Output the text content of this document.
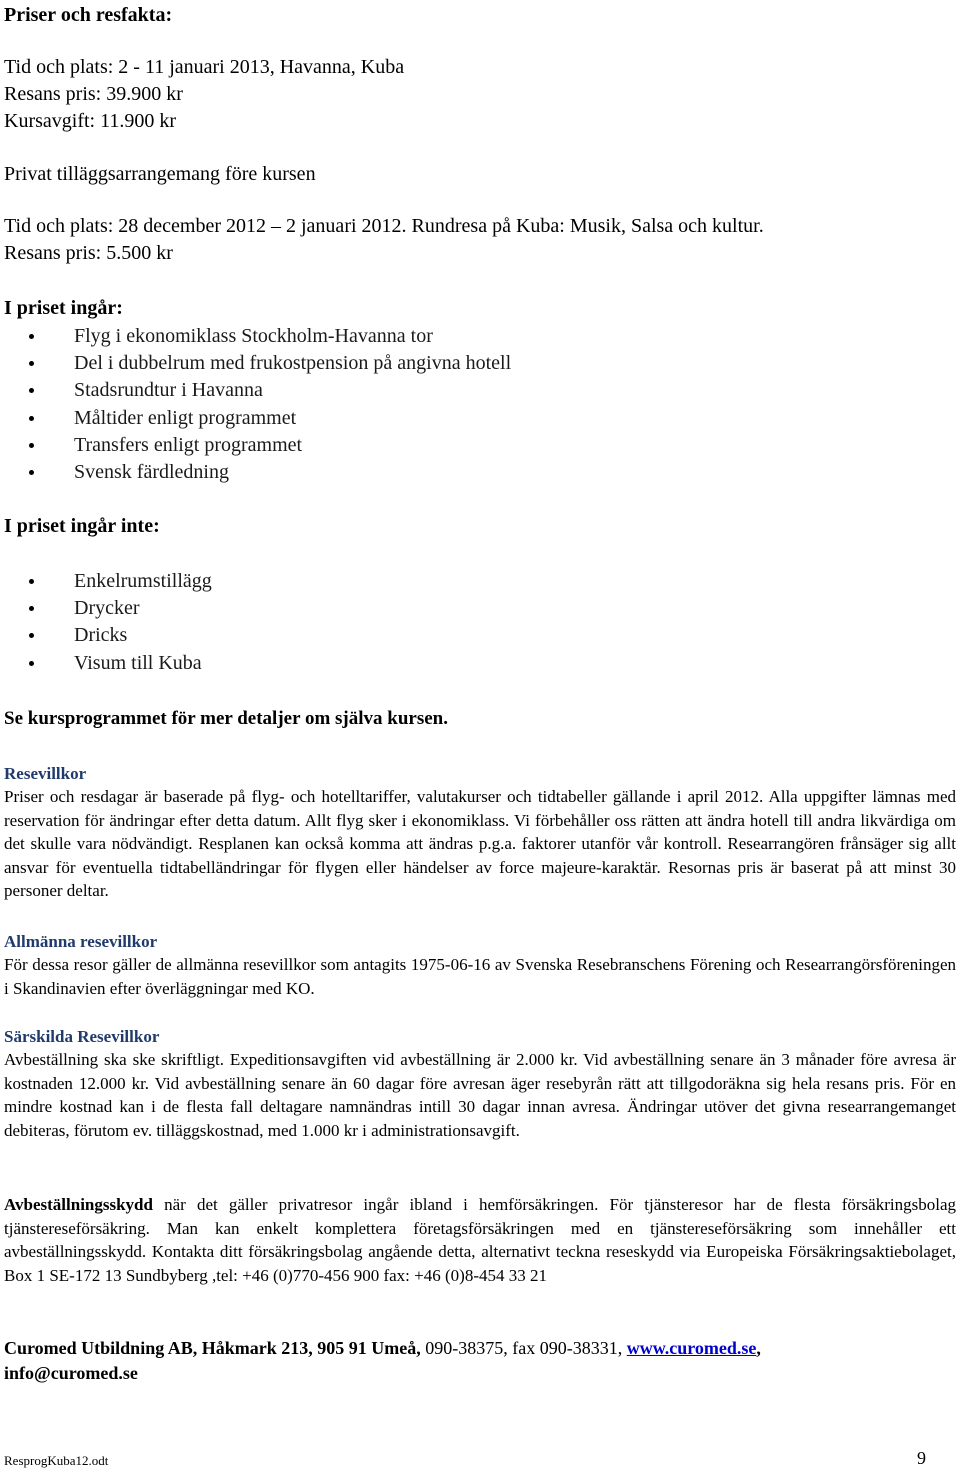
Priser och resfakta:

Tid och plats: 2 - 11 januari 2013, Havanna, Kuba

Resans pris: 39.900 kr

Kursavgift: 11.900 kr

Privat tilläggsarrangemang före kursen

Tid och plats: 28 december 2012 – 2 januari 2012. Rundresa på Kuba: Musik, Salsa och kultur.

Resans pris: 5.500 kr

I priset ingår:

Flyg i ekonomiklass Stockholm-Havanna tor
Del i dubbelrum med frukostpension på angivna hotell
Stadsrundtur i Havanna
Måltider enligt programmet
Transfers enligt programmet
Svensk färdledning

I priset ingår inte:

Enkelrumstillägg
Drycker
Dricks
Visum till Kuba

Se kursprogrammet för mer detaljer om själva kursen.

Resevillkor

Priser och resdagar är baserade på flyg- och hotelltariffer, valutakurser och tidtabeller gällande i april 2012. Alla uppgifter lämnas med reservation för ändringar efter detta datum. Allt flyg sker i ekonomiklass. Vi förbehåller oss rätten att ändra hotell till andra likvärdiga om det skulle vara nödvändigt. Resplanen kan också komma att ändras p.g.a. faktorer utanför vår kontroll. Researrangören frånsäger sig allt ansvar för eventuella tidtabelländringar för flygen eller händelser av force majeure-karaktär. Resornas pris är baserat på att minst 30 personer deltar.

Allmänna resevillkor

För dessa resor gäller de allmänna resevillkor som antagits 1975-06-16 av Svenska Resebranschens Förening och Researrangörsföreningen i Skandinavien efter överläggningar med KO.

Särskilda Resevillkor

Avbeställning ska ske skriftligt. Expeditionsavgiften vid avbeställning är 2.000 kr. Vid avbeställning senare än 3 månader före avresa är kostnaden 12.000 kr. Vid avbeställning senare än 60 dagar före avresan äger resebyrån rätt att tillgodoräkna sig hela resans pris. För en mindre kostnad kan i de flesta fall deltagare namnändras intill 30 dagar innan avresa. Ändringar utöver det givna researrangemanget debiteras, förutom ev. tilläggskostnad, med 1.000 kr i administrationsavgift.

Avbeställningsskydd när det gäller privatresor ingår ibland i hemförsäkringen. För tjänsteresor har de flesta försäkringsbolag tjänstereseförsäkring. Man kan enkelt komplettera företagsförsäkringen med en tjänstereseförsäkring som innehåller ett avbeställningsskydd. Kontakta ditt försäkringsbolag angående detta, alternativt teckna reseskydd via Europeiska Försäkringsaktiebolaget, Box 1 SE-172 13 Sundbyberg ,tel: +46 (0)770-456 900 fax: +46 (0)8-454 33 21

Curomed Utbildning AB, Håkmark 213, 905 91 Umeå, 090-38375, fax 090-38331, www.curomed.se,
info@curomed.se

ResprogKuba12.odt	9
